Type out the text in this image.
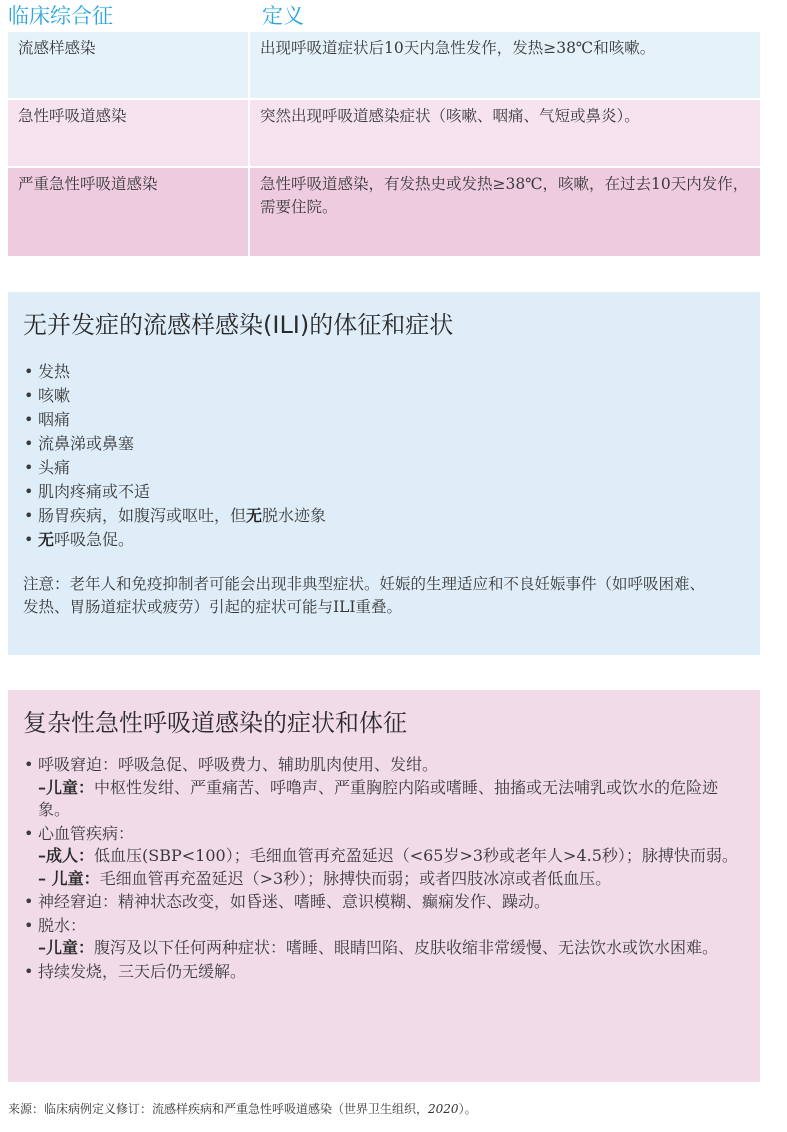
临床综合征	定义
流感样感染	出现呼吸道症状后10天内急性发作，发热≥38℃和咳嗽。
急性呼吸道感染	突然出现呼吸道感染症状（咳嗽、咽痛、气短或鼻炎）。
严重急性呼吸道感染	急性呼吸道感染，有发热史或发热≥38℃，咳嗽，在过去10天内发作，需要住院。
无并发症的流感样感染(ILI)的体征和症状
• 发热
• 咳嗽
• 咽痛
• 流鼻涕或鼻塞
• 头痛
• 肌肉疼痛或不适
• 肠胃疾病，如腹泻或呕吐，但无脱水迹象
• 无呼吸急促。
注意：老年人和免疫抑制者可能会出现非典型症状。妊娠的生理适应和不良妊娠事件（如呼吸困难、发热、胃肠道症状或疲劳）引起的症状可能与ILI重叠。
复杂性急性呼吸道感染的症状和体征
• 呼吸窘迫：呼吸急促、呼吸费力、辅助肌肉使用、发绀。
–儿童：中枢性发绀、严重痛苦、呼噜声、严重胸腔内陷或嗜睡、抽搐或无法哺乳或饮水的危险迹象。
• 心血管疾病：
–成人：低血压(SBP<100）；毛细血管再充盈延迟（<65岁>3秒或老年人>4.5秒）；脉搏快而弱。
– 儿童：毛细血管再充盈延迟（>3秒）；脉搏快而弱；或者四肢冰凉或者低血压。
• 神经窘迫：精神状态改变，如昏迷、嗜睡、意识模糊、癫痫发作、躁动。
• 脱水：
–儿童：腹泻及以下任何两种症状：嗜睡、眼睛凹陷、皮肤收缩非常缓慢、无法饮水或饮水困难。
• 持续发烧，三天后仍无缓解。
来源：临床病例定义修订：流感样疾病和严重急性呼吸道感染（世界卫生组织，2020）。
